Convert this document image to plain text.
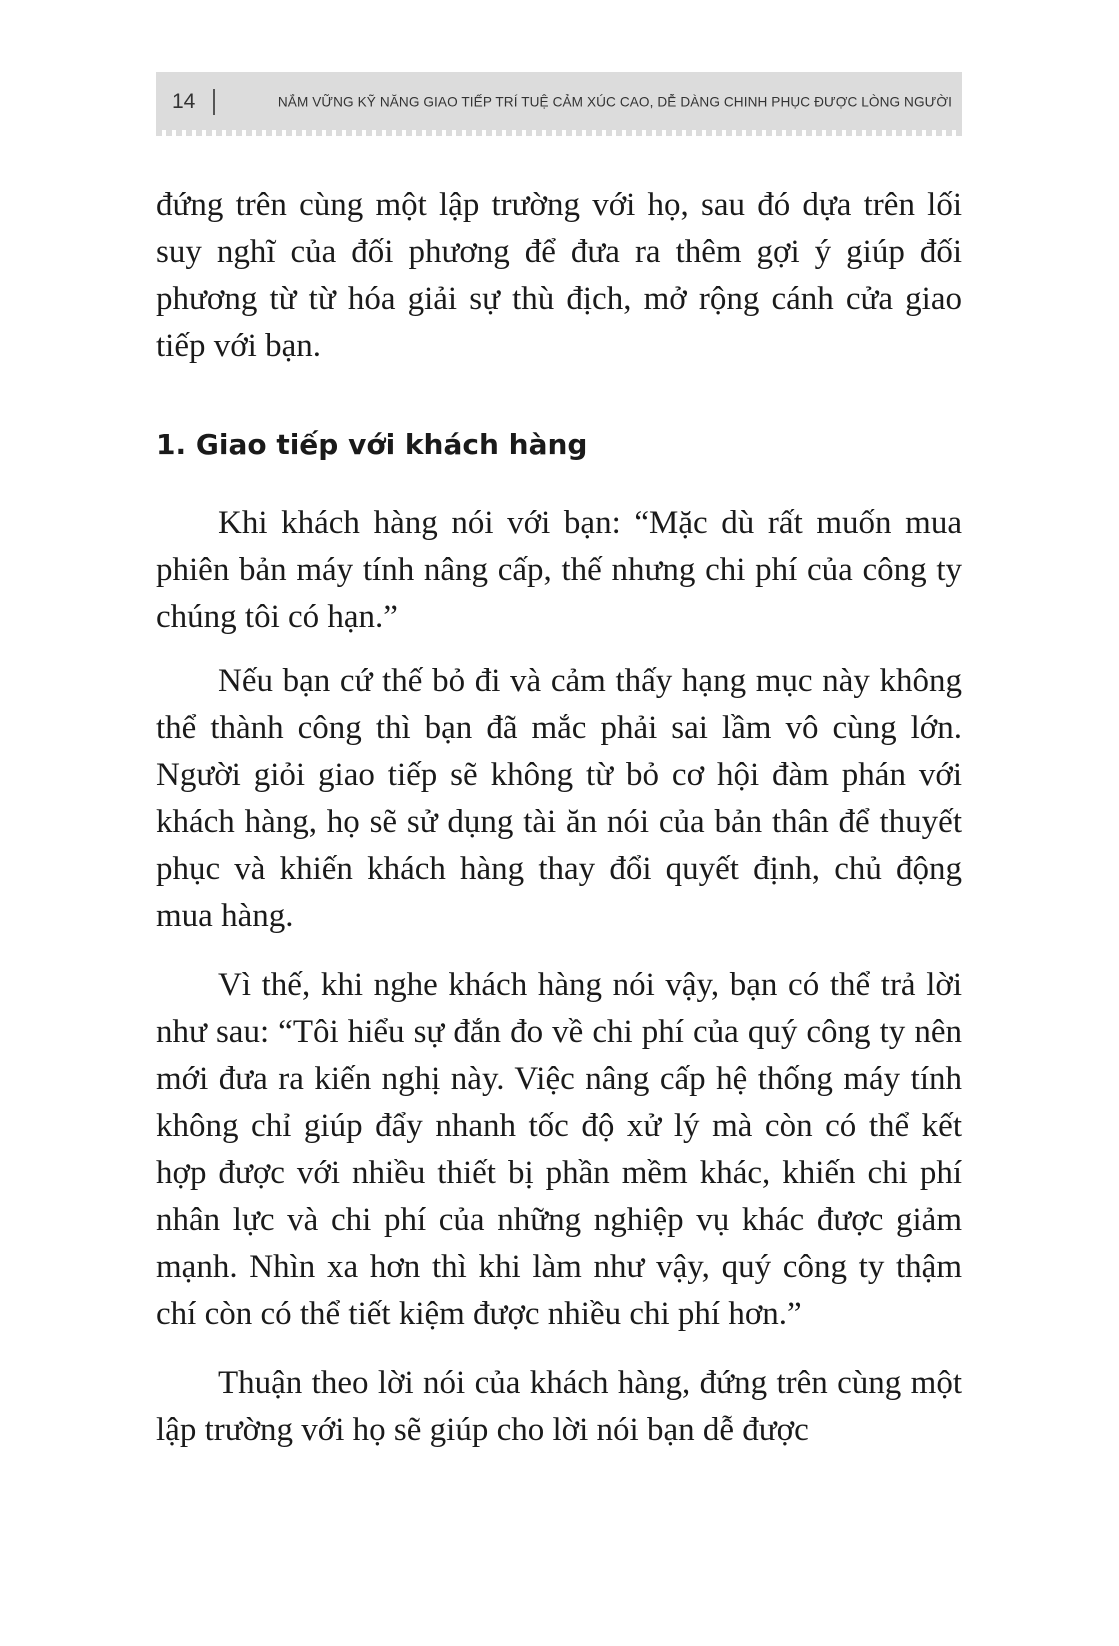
14	NẮM VỮNG KỸ NĂNG GIAO TIẾP TRÍ TUỆ CẢM XÚC CAO, DỄ DÀNG CHINH PHỤC ĐƯỢC LÒNG NGƯỜI

đứng trên cùng một lập trường với họ, sau đó dựa trên lối suy nghĩ của đối phương để đưa ra thêm gợi ý giúp đối phương từ từ hóa giải sự thù địch, mở rộng cánh cửa giao tiếp với bạn.

1. Giao tiếp với khách hàng

Khi khách hàng nói với bạn: “Mặc dù rất muốn mua phiên bản máy tính nâng cấp, thế nhưng chi phí của công ty chúng tôi có hạn.”

Nếu bạn cứ thế bỏ đi và cảm thấy hạng mục này không thể thành công thì bạn đã mắc phải sai lầm vô cùng lớn. Người giỏi giao tiếp sẽ không từ bỏ cơ hội đàm phán với khách hàng, họ sẽ sử dụng tài ăn nói của bản thân để thuyết phục và khiến khách hàng thay đổi quyết định, chủ động mua hàng.

Vì thế, khi nghe khách hàng nói vậy, bạn có thể trả lời như sau: “Tôi hiểu sự đắn đo về chi phí của quý công ty nên mới đưa ra kiến nghị này. Việc nâng cấp hệ thống máy tính không chỉ giúp đẩy nhanh tốc độ xử lý mà còn có thể kết hợp được với nhiều thiết bị phần mềm khác, khiến chi phí nhân lực và chi phí của những nghiệp vụ khác được giảm mạnh. Nhìn xa hơn thì khi làm như vậy, quý công ty thậm chí còn có thể tiết kiệm được nhiều chi phí hơn.”

Thuận theo lời nói của khách hàng, đứng trên cùng một lập trường với họ sẽ giúp cho lời nói bạn dễ được
